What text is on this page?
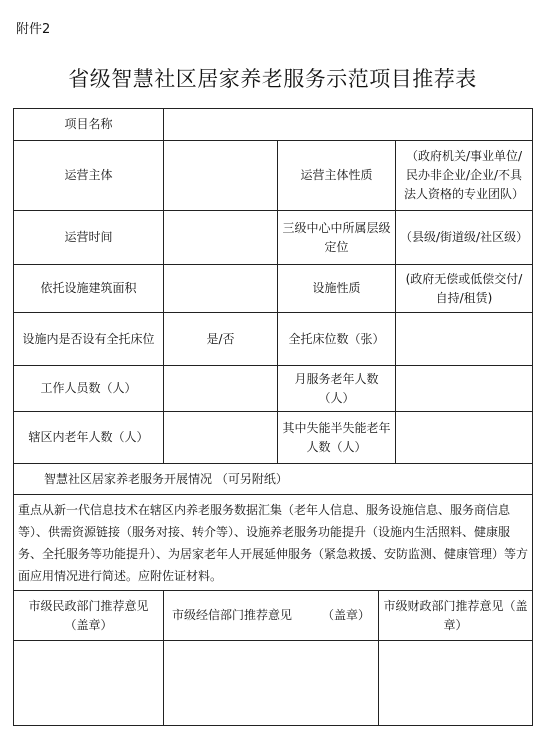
附件2
省级智慧社区居家养老服务示范项目推荐表
项目名称				
运营主体		运营主体性质		（政府机关/事业单位/民办非企业/企业/不具法人资格的专业团队）
运营时间		三级中心中所属层级定位		（县级/街道级/社区级）
依托设施建筑面积		设施性质		(政府无偿或低偿交付/自持/租赁)
设施内是否设有全托床位	是/否	全托床位数（张）		
工作人员数（人）		月服务老年人数（人）		
辖区内老年人数（人）		其中失能半失能老年人数（人）		
智慧社区居家养老服务开展情况 （可另附纸）				
重点从新一代信息技术在辖区内养老服务数据汇集（老年人信息、服务设施信息、服务商信息等）、供需资源链接（服务对接、转介等）、设施养老服务功能提升（设施内生活照料、健康服务、全托服务等功能提升）、为居家老年人开展延伸服务（紧急救援、安防监测、健康管理）等方面应用情况进行简述。应附佐证材料。				
市级民政部门推荐意见（盖章）	市级经信部门推荐意见　　　（盖章）		市级财政部门推荐意见（盖章）	
